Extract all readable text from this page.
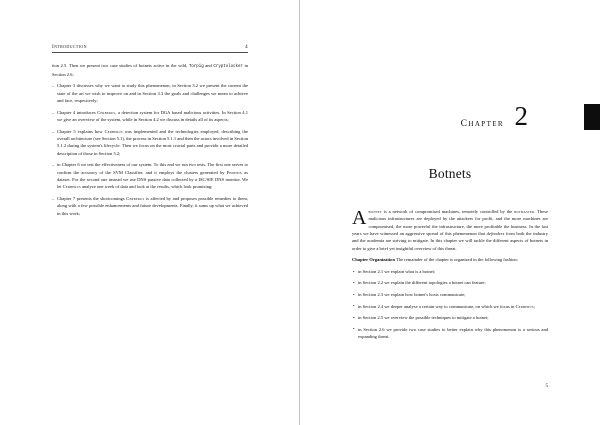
Introduction	4

tion 2.5. Then we present two case studies of botnets active in the wild, Torpig and Cryptolocker in Section 2.6;

– Chapter 3 discusses why we want to study this phenomenon, in Section 3.2 we present the current the state of the art we wish to improve on and in Section 3.3 the goals and challenges we mean to achieve and face, respectively;
– Chapter 4 introduces Cerberus, a detection system for DGA based malicious activities. In Section 4.1 we give an overview of the system, while in Section 4.2 we discuss in details all of its aspects;
– Chapter 5 explains how Cerberus was implemented and the technologies employed, describing the overall architecture (see Section 5.1), the process in Section 5.1.1 and then the actors involved in Section 5.1.2 during the system's lifecycle. Then we focus on the most crucial parts and provide a more detailed description of those in Section 5.2;
– in Chapter 6 we test the effectiveness of our system. To this end we run two tests. The first one serves to confirm the accuracy of the SVM Classifier, and it employs the clusters generated by Phoenix as dataset. For the second one instead we use DNS passive data collected by a ISC/SIE DNS monitor. We let Cerberus analyze one week of data and look at the results, which look promising;
– Chapter 7 presents the shortcomings Cerberus is affected by and proposes possible remedies to them, along with a few possible enhancements and future developments. Finally, it sums up what we achieved in this work;
Chapter 2
Botnets

Abotnet is a network of compromised machines, remotely controlled by the botmaster. These malicious infrastructures are deployed by the attackers for profit, and the more machines are compromised, the more powerful the infrastructure, the more profitable the business. In the last years we have witnessed an aggressive spread of this phenomenon that defenders from both the industry and the academia are striving to mitigate. In this chapter we will tackle the different aspects of botnets in order to give a brief yet insightful overview of this threat.

Chapter Organization The remainder of the chapter is organized in the following fashion:

• in Section 2.1 we explain what is a botnet;
• in Section 2.2 we explain the different topologies a botnet can feature;
• in Section 2.3 we explain how botnet's hosts communicate;
• in Section 2.4 we deeper analyse a certain way to communicate, on which we focus in Cerberus;
• in Section 2.5 we overview the possible techniques to mitigate a botnet;
• in Section 2.6 we provide two case studies to better explain why this phenomenon is a serious and expanding threat.
5
